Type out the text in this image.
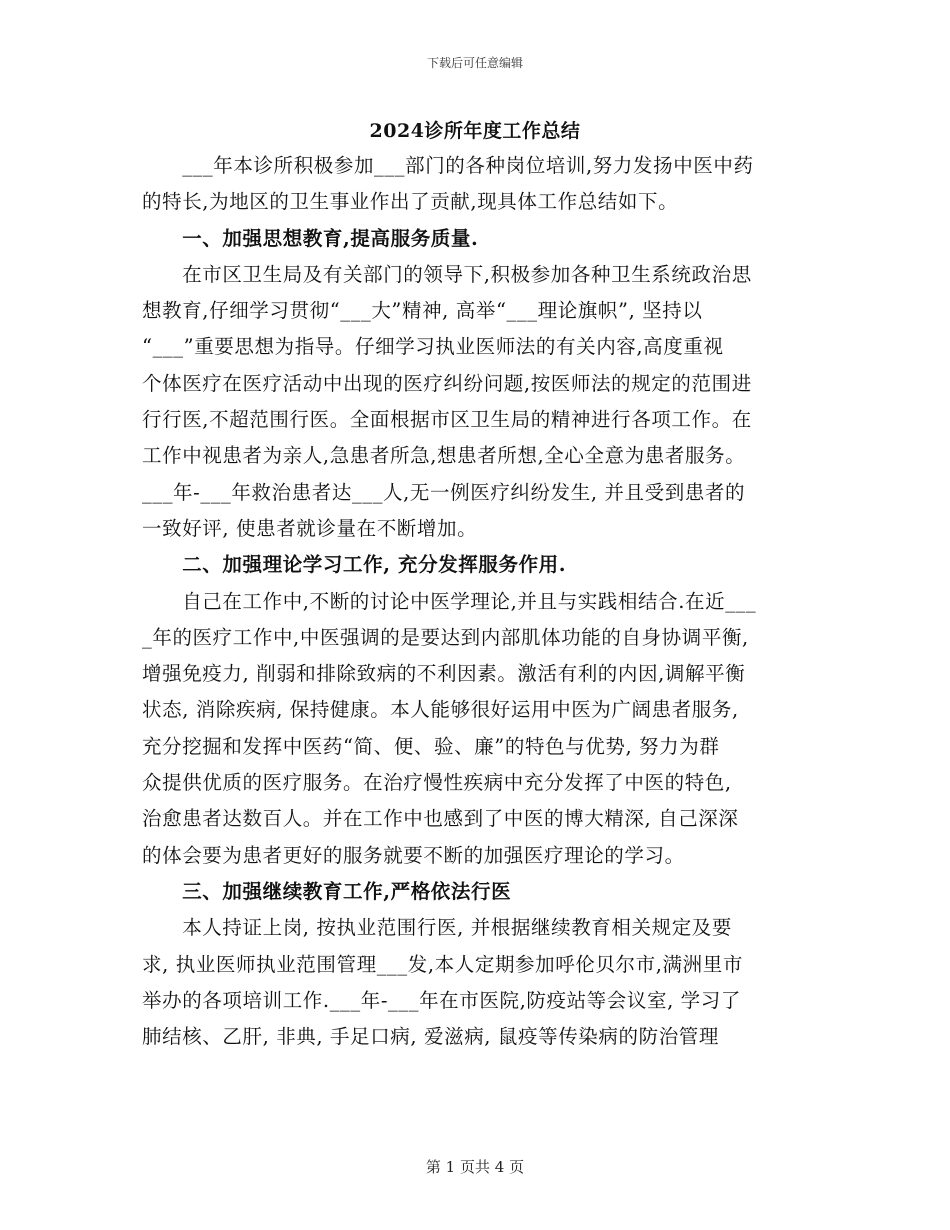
下载后可任意编辑
2024诊所年度工作总结
　　___年本诊所积极参加___部门的各种岗位培训,努力发扬中医中药
的特长,为地区的卫生事业作出了贡献,现具体工作总结如下。
　　一、加强思想教育,提高服务质量.
　　在市区卫生局及有关部门的领导下,积极参加各种卫生系统政治思
想教育,仔细学习贯彻“___大”精神, 高举“___理论旗帜”, 坚持以
“___”重要思想为指导。仔细学习执业医师法的有关内容,高度重视
个体医疗在医疗活动中出现的医疗纠纷问题,按医师法的规定的范围进
行行医,不超范围行医。全面根据市区卫生局的精神进行各项工作。在
工作中视患者为亲人,急患者所急,想患者所想,全心全意为患者服务。
___年-___年救治患者达___人,无一例医疗纠纷发生, 并且受到患者的
一致好评, 使患者就诊量在不断增加。
　　二、加强理论学习工作, 充分发挥服务作用.
　　自己在工作中,不断的讨论中医学理论,并且与实践相结合.在近___
_年的医疗工作中,中医强调的是要达到内部肌体功能的自身协调平衡,
增强免疫力, 削弱和排除致病的不利因素。激活有利的内因,调解平衡
状态, 消除疾病, 保持健康。本人能够很好运用中医为广阔患者服务,
充分挖掘和发挥中医药“简、便、验、廉”的特色与优势, 努力为群
众提供优质的医疗服务。在治疗慢性疾病中充分发挥了中医的特色,
治愈患者达数百人。并在工作中也感到了中医的博大精深, 自己深深
的体会要为患者更好的服务就要不断的加强医疗理论的学习。
　　三、加强继续教育工作,严格依法行医
　　本人持证上岗, 按执业范围行医, 并根据继续教育相关规定及要
求, 执业医师执业范围管理___发,本人定期参加呼伦贝尔市,满洲里市
举办的各项培训工作.___年-___年在市医院,防疫站等会议室, 学习了
肺结核、乙肝, 非典, 手足口病, 爱滋病, 鼠疫等传染病的防治管理
第 1 页共 4 页
